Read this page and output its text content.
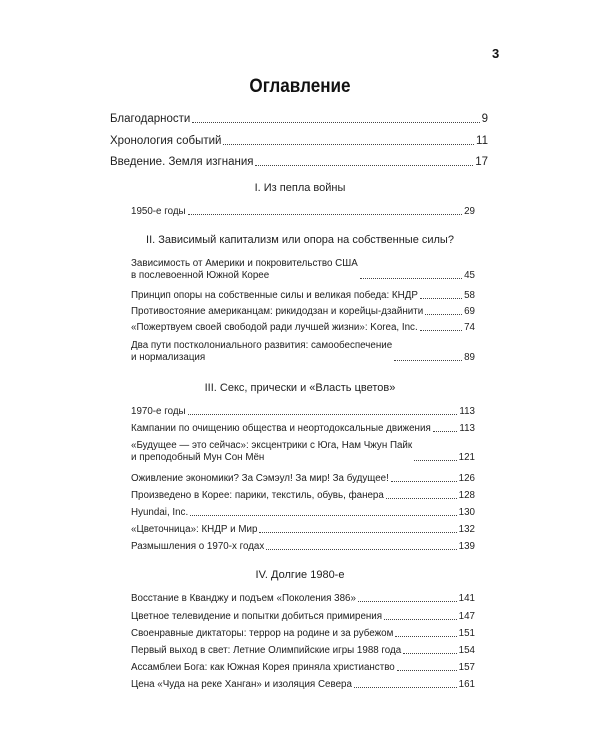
3
Оглавление
Благодарности	9
Хронология событий	11
Введение. Земля изгнания	17
I. Из пепла войны
1950-е годы	29
II. Зависимый капитализм или опора на собственные силы?
Зависимость от Америки и покровительство США
в послевоенной Южной Корее	45
Принцип опоры на собственные силы и великая победа: КНДР	58
Противостояние американцам: рикидодзан и корейцы-дзайнити	69
«Пожертвуем своей свободой ради лучшей жизни»: Korea, Inc.	74
Два пути постколониального развития: самообеспечение
и нормализация	89
III. Секс, прически и «Власть цветов»
1970-е годы	113
Кампании по очищению общества и неортодоксальные движения	113
«Будущее — это сейчас»: эксцентрики с Юга, Нам Чжун Пайк
и преподобный Мун Сон Мён	121
Оживление экономики? За Сэмэул! За мир! За будущее!	126
Произведено в Корее: парики, текстиль, обувь, фанера	128
Hyundai, Inc.	130
«Цветочница»: КНДР и Мир	132
Размышления о 1970-х годах	139
IV. Долгие 1980-е
Восстание в Кванджу и подъем «Поколения 386»	141
Цветное телевидение и попытки добиться примирения	147
Своенравные диктаторы: террор на родине и за рубежом	151
Первый выход в свет: Летние Олимпийские игры 1988 года	154
Ассамблеи Бога: как Южная Корея приняла христианство	157
Цена «Чуда на реке Ханган» и изоляция Севера	161
